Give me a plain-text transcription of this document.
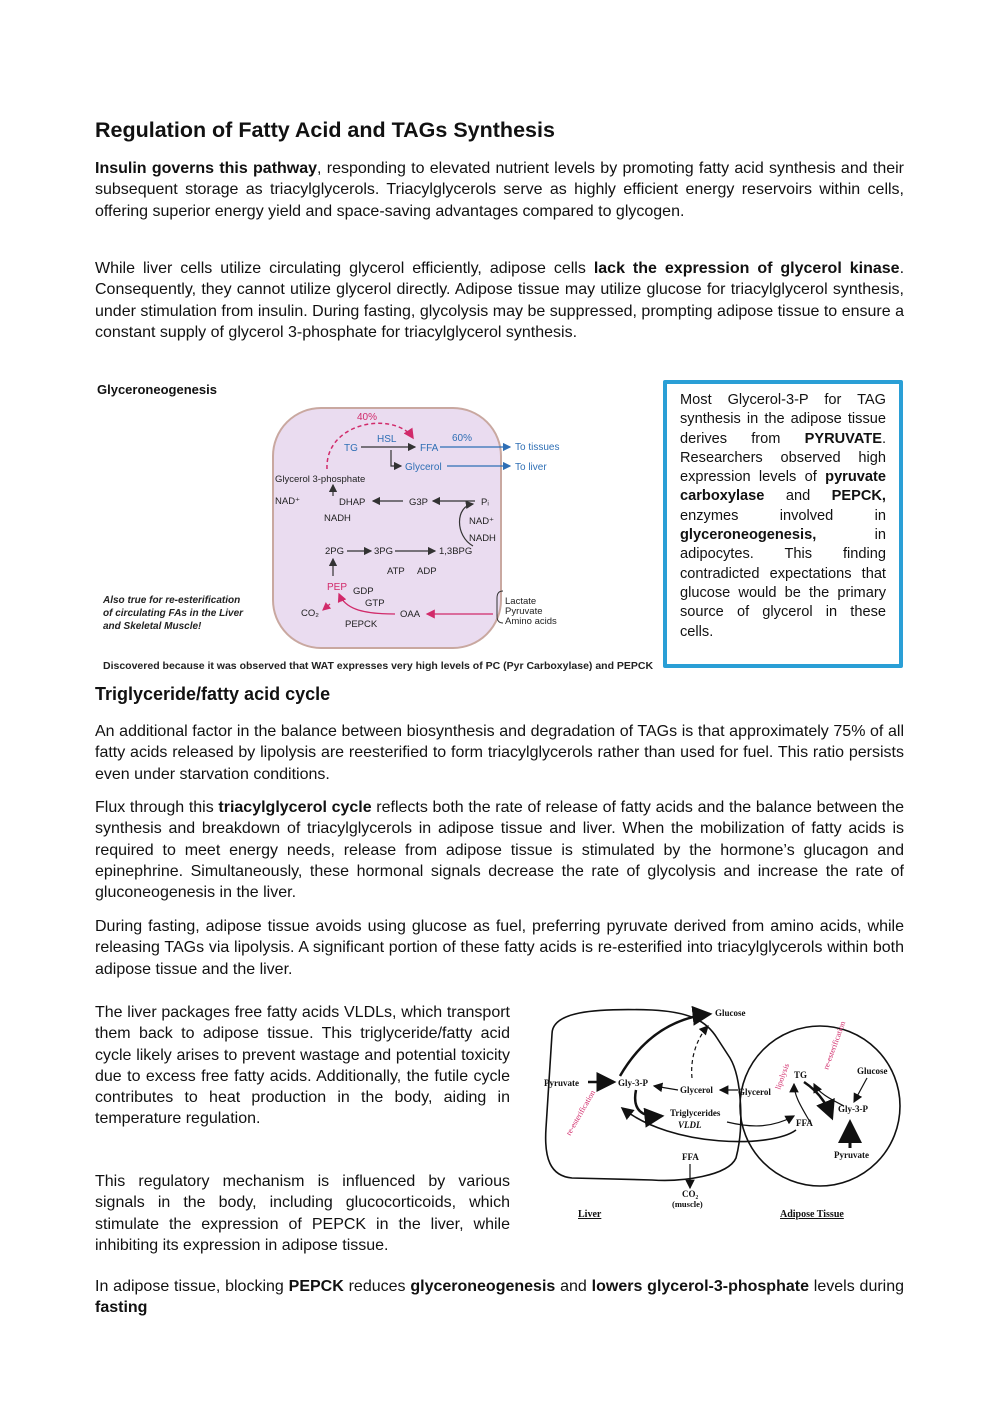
Regulation of Fatty Acid and TAGs Synthesis

Insulin governs this pathway, responding to elevated nutrient levels by promoting fatty acid synthesis and their subsequent storage as triacylglycerols. Triacylglycerols serve as highly efficient energy reservoirs within cells, offering superior energy yield and space-saving advantages compared to glycogen.

While liver cells utilize circulating glycerol efficiently, adipose cells lack the expression of glycerol kinase. Consequently, they cannot utilize glycerol directly. Adipose tissue may utilize glucose for triacylglycerol synthesis, under stimulation from insulin. During fasting, glycolysis may be suppressed, prompting adipose tissue to ensure a constant supply of glycerol 3-phosphate for triacylglycerol synthesis.

Glyceroneogenesis
40%
HSL
TG	FFA
60%
To tissues
Glycerol	To liver
Glycerol 3-phosphate
NAD⁺	DHAP
NADH
G3P	Pᵢ
NAD⁺
NADH
2PG	3PG	1,3BPG
ATP ADP
PEP GDP
GTP
CO₂	OAA
PEPCK
Lactate
Pyruvate
Amino acids
Also true for re-esterification
of circulating FAs in the Liver
and Skeletal Muscle!
Discovered because it was observed that WAT expresses very high levels of PC (Pyr Carboxylase) and PEPCK
Most Glycerol-3-P for TAG synthesis in the adipose tissue derives from PYRUVATE. Researchers observed high expression levels of pyruvate carboxylase and PEPCK, enzymes involved in glyceroneogenesis, in adipocytes. This finding contradicted expectations that glucose would be the primary source of glycerol in these cells.
Triglyceride/fatty acid cycle

An additional factor in the balance between biosynthesis and degradation of TAGs is that approximately 75% of all fatty acids released by lipolysis are reesterified to form triacylglycerols rather than used for fuel. This ratio persists even under starvation conditions.

Flux through this triacylglycerol cycle reflects both the rate of release of fatty acids and the balance between the synthesis and breakdown of triacylglycerols in adipose tissue and liver. When the mobilization of fatty acids is required to meet energy needs, release from adipose tissue is stimulated by the hormone’s glucagon and epinephrine. Simultaneously, these hormonal signals decrease the rate of glycolysis and increase the rate of gluconeogenesis in the liver.

During fasting, adipose tissue avoids using glucose as fuel, preferring pyruvate derived from amino acids, while releasing TAGs via lipolysis. A significant portion of these fatty acids is re-esterified into triacylglycerols within both adipose tissue and the liver.

The liver packages free fatty acids VLDLs, which transport them back to adipose tissue. This triglyceride/fatty acid cycle likely arises to prevent wastage and potential toxicity due to excess free fatty acids. Additionally, the futile cycle contributes to heat production in the body, aiding in temperature regulation.

This regulatory mechanism is influenced by various signals in the body, including glucocorticoids, which stimulate the expression of PEPCK in the liver, while inhibiting its expression in adipose tissue.

Glucose
Pyruvate	Gly-3-P
Glycerol	Glycerol
Triglycerides
VLDL
FFA
CO₂
(muscle)
TG
FFA
Glucose
Gly-3-P
Pyruvate
re-esterification
lipolysis
re-esterification
Liver	Adipose Tissue

In adipose tissue, blocking PEPCK reduces glyceroneogenesis and lowers glycerol-3-phosphate levels during fasting
